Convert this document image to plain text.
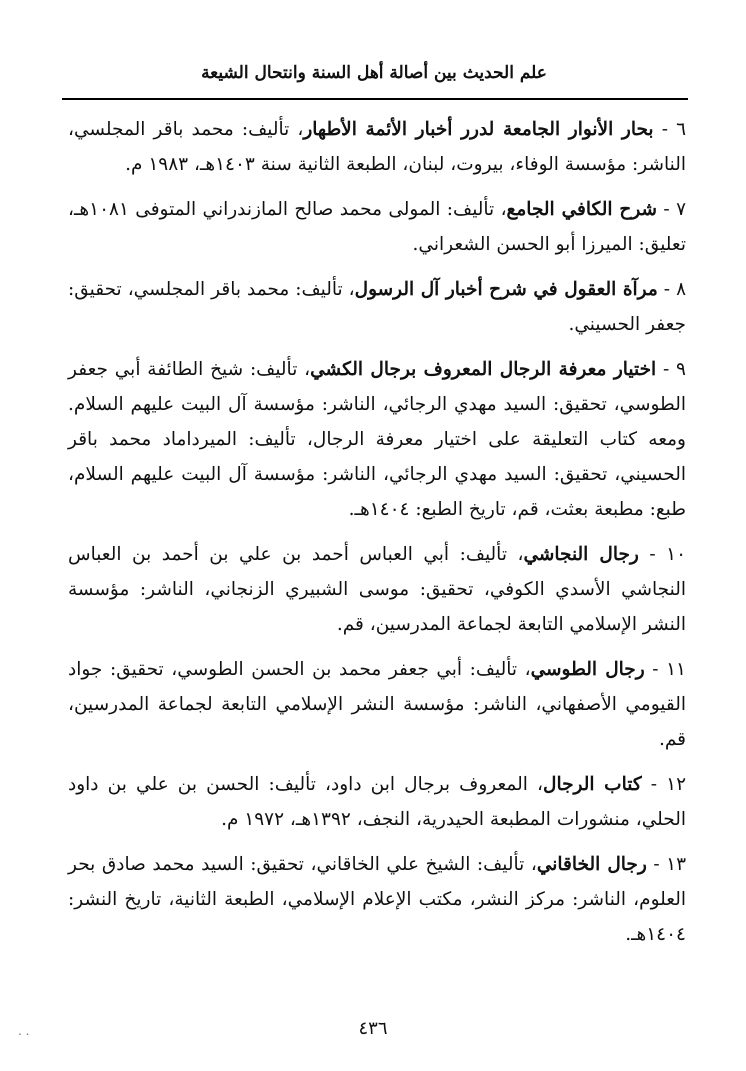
علم الحديث بين أصالة أهل السنة وانتحال الشيعة
٦ - بحار الأنوار الجامعة لدرر أخبار الأئمة الأطهار، تأليف: محمد باقر المجلسي، الناشر: مؤسسة الوفاء، بيروت، لبنان، الطبعة الثانية سنة ١٤٠٣هـ، ١٩٨٣ م.
٧ - شرح الكافي الجامع، تأليف: المولى محمد صالح المازندراني المتوفى ١٠٨١هـ، تعليق: الميرزا أبو الحسن الشعراني.
٨ - مرآة العقول في شرح أخبار آل الرسول، تأليف: محمد باقر المجلسي، تحقيق: جعفر الحسيني.
٩ - اختيار معرفة الرجال المعروف برجال الكشي، تأليف: شيخ الطائفة أبي جعفر الطوسي، تحقيق: السيد مهدي الرجائي، الناشر: مؤسسة آل البيت عليهم السلام. ومعه كتاب التعليقة على اختيار معرفة الرجال، تأليف: الميرداماد محمد باقر الحسيني، تحقيق: السيد مهدي الرجائي، الناشر: مؤسسة آل البيت عليهم السلام، طبع: مطبعة بعثت، قم، تاريخ الطبع: ١٤٠٤هـ.
١٠ - رجال النجاشي، تأليف: أبي العباس أحمد بن علي بن أحمد بن العباس النجاشي الأسدي الكوفي، تحقيق: موسى الشبيري الزنجاني، الناشر: مؤسسة النشر الإسلامي التابعة لجماعة المدرسين، قم.
١١ - رجال الطوسي، تأليف: أبي جعفر محمد بن الحسن الطوسي، تحقيق: جواد القيومي الأصفهاني، الناشر: مؤسسة النشر الإسلامي التابعة لجماعة المدرسين، قم.
١٢ - كتاب الرجال، المعروف برجال ابن داود، تأليف: الحسن بن علي بن داود الحلي، منشورات المطبعة الحيدرية، النجف، ١٣٩٢هـ، ١٩٧٢ م.
١٣ - رجال الخاقاني، تأليف: الشيخ علي الخاقاني، تحقيق: السيد محمد صادق بحر العلوم، الناشر: مركز النشر، مكتب الإعلام الإسلامي، الطبعة الثانية، تاريخ النشر: ١٤٠٤هـ.
٤٣٦
. .
